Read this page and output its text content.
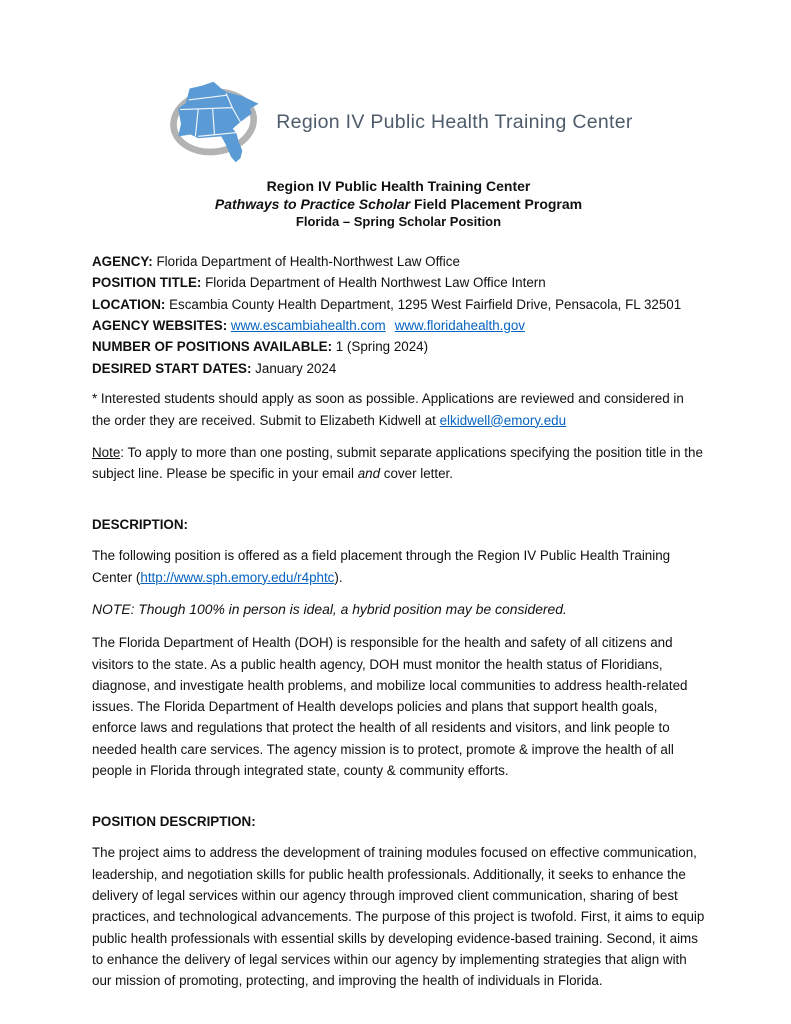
Region IV Public Health Training Center
Region IV Public Health Training Center
Pathways to Practice Scholar Field Placement Program
Florida – Spring Scholar Position
AGENCY: Florida Department of Health-Northwest Law Office
POSITION TITLE: Florida Department of Health Northwest Law Office Intern
LOCATION: Escambia County Health Department, 1295 West Fairfield Drive, Pensacola, FL 32501
AGENCY WEBSITES: www.escambiahealth.com www.floridahealth.gov
NUMBER OF POSITIONS AVAILABLE: 1 (Spring 2024)
DESIRED START DATES: January 2024

* Interested students should apply as soon as possible. Applications are reviewed and considered in the order they are received. Submit to Elizabeth Kidwell at elkidwell@emory.edu

Note: To apply to more than one posting, submit separate applications specifying the position title in the subject line. Please be specific in your email and cover letter.

DESCRIPTION:

The following position is offered as a field placement through the Region IV Public Health Training Center (http://www.sph.emory.edu/r4phtc).

NOTE: Though 100% in person is ideal, a hybrid position may be considered.

The Florida Department of Health (DOH) is responsible for the health and safety of all citizens and visitors to the state. As a public health agency, DOH must monitor the health status of Floridians, diagnose, and investigate health problems, and mobilize local communities to address health-related issues. The Florida Department of Health develops policies and plans that support health goals, enforce laws and regulations that protect the health of all residents and visitors, and link people to needed health care services. The agency mission is to protect, promote & improve the health of all people in Florida through integrated state, county & community efforts.

POSITION DESCRIPTION:

The project aims to address the development of training modules focused on effective communication, leadership, and negotiation skills for public health professionals. Additionally, it seeks to enhance the delivery of legal services within our agency through improved client communication, sharing of best practices, and technological advancements. The purpose of this project is twofold. First, it aims to equip public health professionals with essential skills by developing evidence-based training. Second, it aims to enhance the delivery of legal services within our agency by implementing strategies that align with our mission of promoting, protecting, and improving the health of individuals in Florida.
